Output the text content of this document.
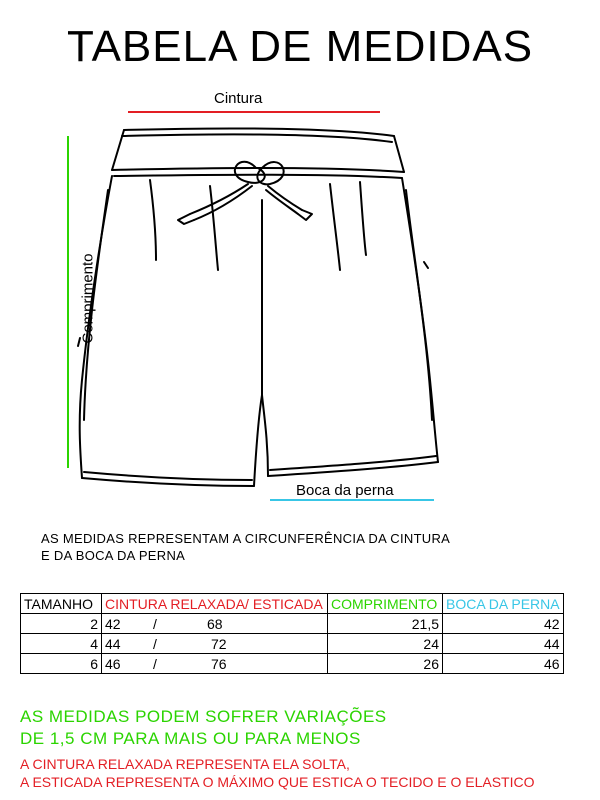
TABELA DE MEDIDAS
Cintura
Comprimento
Boca da perna
AS MEDIDAS REPRESENTAM A CIRCUNFERÊNCIA DA CINTURA
E DA BOCA DA PERNA
TAMANHO	CINTURA RELAXADA/ ESTICADA	COMPRIMENTO	BOCA DA PERNA
2	42 / 68	21,5	42
4	44 / 72	24	44
6	46 / 76	26	46
AS MEDIDAS PODEM SOFRER VARIAÇÕES
DE 1,5 CM PARA MAIS OU PARA MENOS
A CINTURA RELAXADA REPRESENTA ELA SOLTA,
A ESTICADA REPRESENTA O MÁXIMO QUE ESTICA O TECIDO E O ELASTICO
